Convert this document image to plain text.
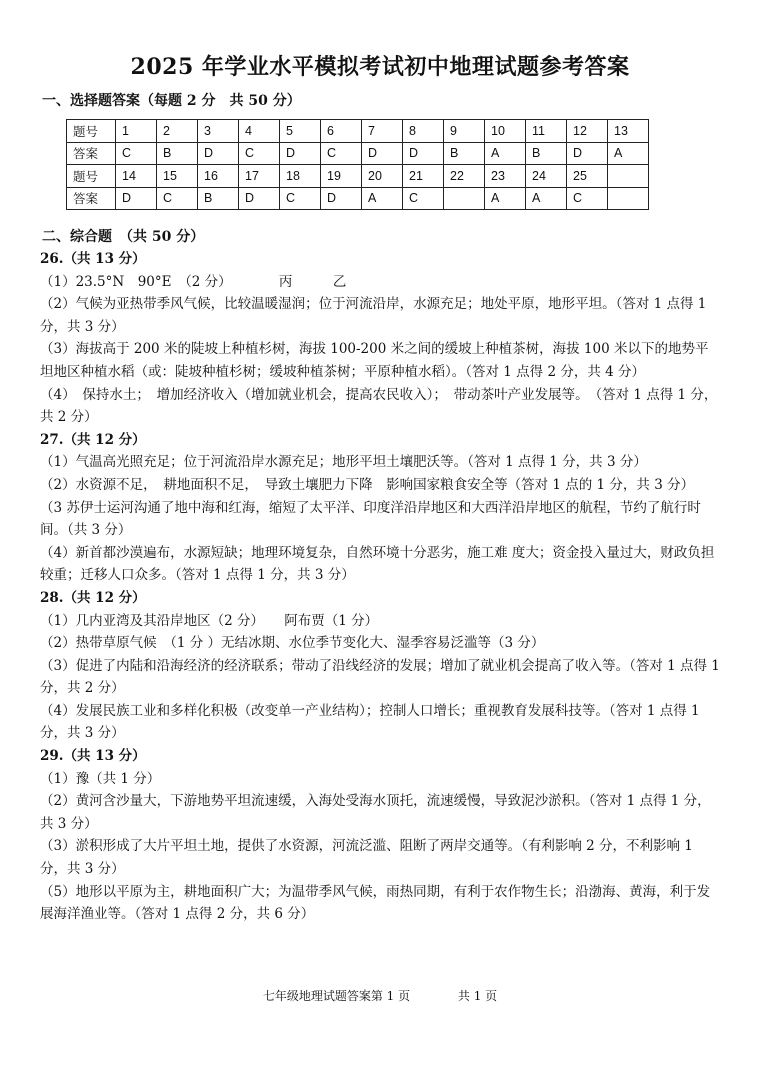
2025 年学业水平模拟考试初中地理试题参考答案
一、选择题答案（每题 2 分　共 50 分）
题号	1	2	3	4	5	6	7	8	9	10	11	12	13
答案	C	B	D	C	D	C	D	D	B	A	B	D	A
题号	14	15	16	17	18	19	20	21	22	23	24	25	
答案	D	C	B	D	C	D	A	C		A	A	C	
二、综合题　（共 50 分）
26.（共 13 分）
（1）23.5°N　90°E　（2 分）　　　　丙　　　乙
（2）气候为亚热带季风气候，比较温暖湿润；位于河流沿岸，水源充足；地处平原，地形平坦。（答对 1 点得 1 分，共 3 分）
（3）海拔高于 200 米的陡坡上种植杉树，海拔 100-200 米之间的缓坡上种植茶树，海拔 100 米以下的地势平坦地区种植水稻（或：陡坡种植杉树；缓坡种植茶树；平原种植水稻）。（答对 1 点得 2 分，共 4 分）
（4）　保持水土；　增加经济收入（增加就业机会，提高农民收入）；　带动茶叶产业发展等。　（答对 1 点得 1 分，共 2 分）
27.（共 12 分）
（1）气温高光照充足；位于河流沿岸水源充足；地形平坦土壤肥沃等。（答对 1 点得 1 分，共 3 分）
（2）水资源不足，　耕地面积不足，　导致土壤肥力下降　影响国家粮食安全等（答对 1 点的 1 分，共 3 分）
（3 苏伊士运河沟通了地中海和红海，缩短了太平洋、印度洋沿岸地区和大西洋沿岸地区的航程，节约了航行时间。（共 3 分）
（4）新首都沙漠遍布，水源短缺；地理环境复杂，自然环境十分恶劣，施工难 度大；资金投入量过大，财政负担较重；迁移人口众多。（答对 1 点得 1 分，共 3 分）
28.（共 12 分）
（1）几内亚湾及其沿岸地区（2 分）　　阿布贾（1 分）
（2）热带草原气候　（1 分 ）无结冰期、水位季节变化大、湿季容易泛滥等（3 分）
（3）促进了内陆和沿海经济的经济联系；带动了沿线经济的发展；增加了就业机会提高了收入等。（答对 1 点得 1 分，共 2 分）
（4）发展民族工业和多样化积极（改变单一产业结构）；控制人口增长；重视教育发展科技等。（答对 1 点得 1 分，共 3 分）
29.（共 13 分）
（1）豫（共 1 分）
（2）黄河含沙量大，下游地势平坦流速缓，入海处受海水顶托，流速缓慢，导致泥沙淤积。（答对 1 点得 1 分，共 3 分）
（3）淤积形成了大片平坦土地，提供了水资源，河流泛滥、阻断了两岸交通等。（有利影响 2 分，不利影响 1 分，共 3 分）
（5）地形以平原为主，耕地面积广大；为温带季风气候，雨热同期，有利于农作物生长；沿渤海、黄海，利于发展海洋渔业等。（答对 1 点得 2 分，共 6 分）
七年级地理试题答案第 1 页	共 1 页
